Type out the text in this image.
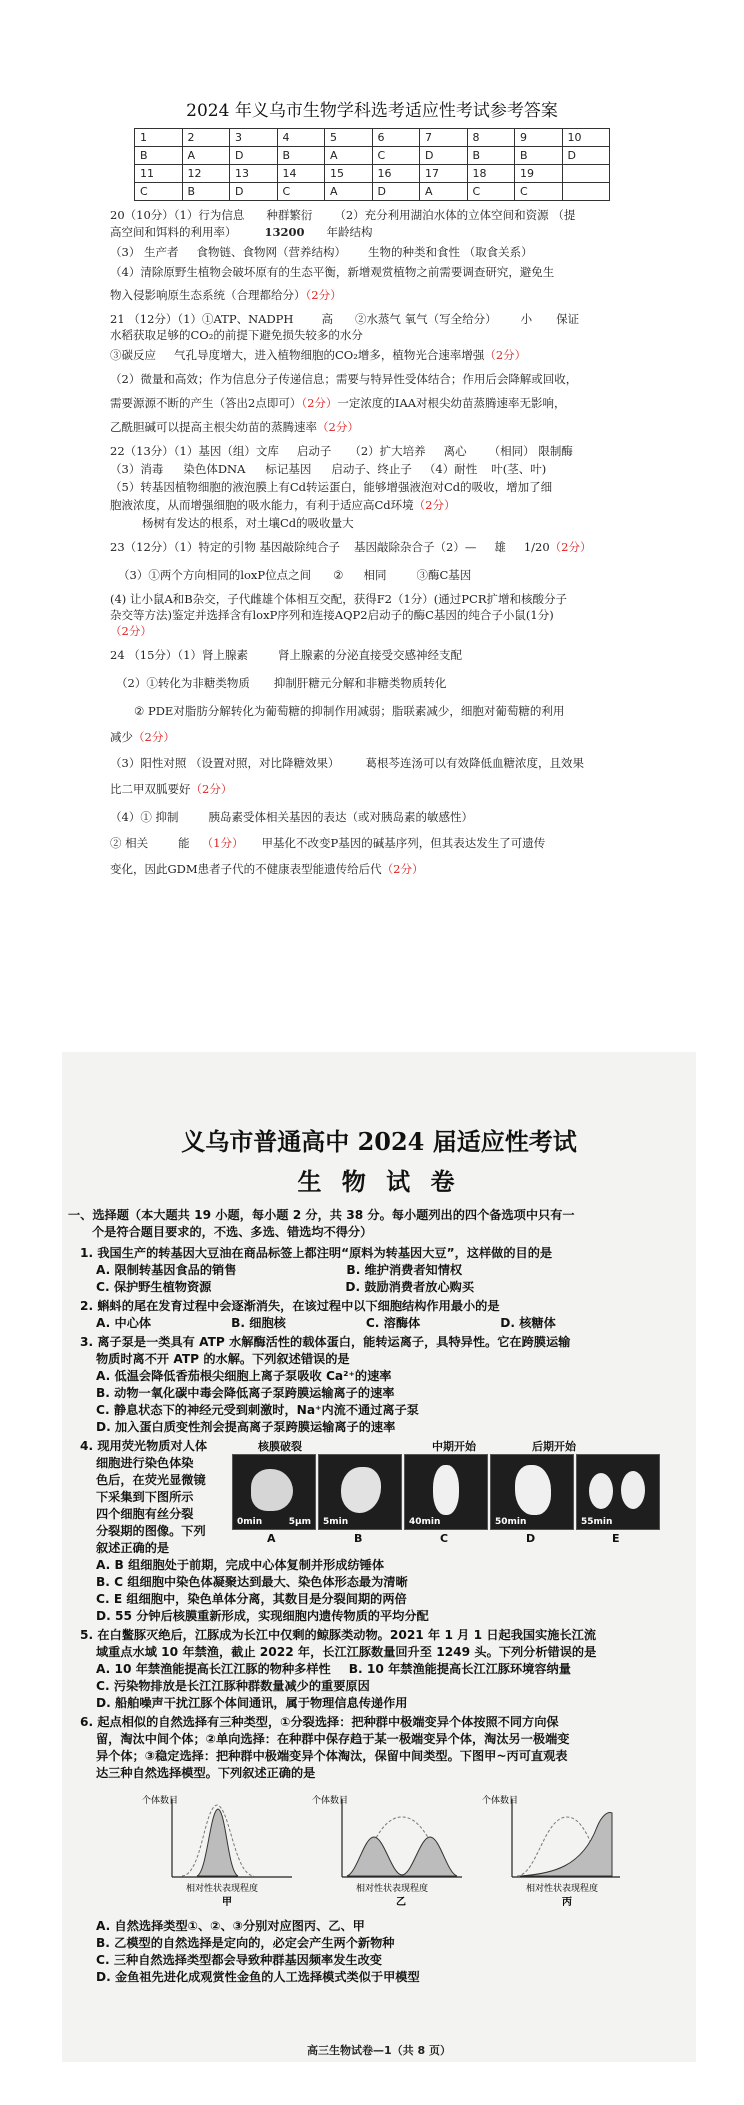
2024 年义乌市生物学科选考适应性考试参考答案
1	2	3	4	5	6	7	8	9	10
B	A	D	B	A	C	D	B	B	D
11	12	13	14	15	16	17	18	19	
C	B	D	C	A	D	A	C	C	
20（10分）（1）行为信息 种群繁衍 （2）充分利用湖泊水体的立体空间和资源 （提
高空间和饵料的利用率） 13200 年龄结构
（3） 生产者 食物链、食物网（营养结构） 生物的种类和食性 （取食关系）
（4）清除原野生植物会破坏原有的生态平衡，新增观赏植物之前需要调查研究，避免生
物入侵影响原生态系统（合理都给分）（2分）
21 （12分）（1）①ATP、NADPH 高 ②水蒸气 氧气（写全给分） 小 保证
水稻获取足够的CO₂的前提下避免损失较多的水分
③碳反应 气孔导度增大，进入植物细胞的CO₂增多，植物光合速率增强（2分）
（2）微量和高效；作为信息分子传递信息；需要与特异性受体结合；作用后会降解或回收，
需要源源不断的产生（答出2点即可）（2分）一定浓度的IAA对根尖幼苗蒸腾速率无影响，
乙酰胆碱可以提高主根尖幼苗的蒸腾速率（2分）
22（13分）（1）基因（组）文库 启动子 （2）扩大培养 离心 （相同） 限制酶
（3）消毒 染色体DNA 标记基因 启动子、终止子 （4）耐性 叶(茎、叶)
（5）转基因植物细胞的液泡膜上有Cd转运蛋白，能够增强液泡对Cd的吸收，增加了细
胞液浓度，从而增强细胞的吸水能力，有利于适应高Cd环境（2分）
杨树有发达的根系，对土壤Cd的吸收量大
23（12分）（1）特定的引物 基因敲除纯合子 基因敲除杂合子（2）— 雄 1/20（2分）
（3）①两个方向相同的loxP位点之间 ② 相同	③酶C基因
(4) 让小鼠A和B杂交，子代雌雄个体相互交配，获得F2（1分）(通过PCR扩增和核酸分子
杂交等方法)鉴定并选择含有loxP序列和连接AQP2启动子的酶C基因的纯合子小鼠(1分)
（2分）
24 （15分）（1）肾上腺素	肾上腺素的分泌直接受交感神经支配
（2）①转化为非糖类物质 抑制肝糖元分解和非糖类物质转化
② PDE对脂肪分解转化为葡萄糖的抑制作用减弱；脂联素减少，细胞对葡萄糖的利用
减少（2分）
（3）阳性对照 （设置对照，对比降糖效果） 葛根芩连汤可以有效降低血糖浓度，且效果
比二甲双胍要好（2分）
（4）① 抑制	胰岛素受体相关基因的表达（或对胰岛素的敏感性）
② 相关	能 （1分） 甲基化不改变P基因的碱基序列，但其表达发生了可遗传
变化，因此GDM患者子代的不健康表型能遗传给后代（2分）
义乌市普通高中 2024 届适应性考试
生 物 试 卷
一、选择题（本大题共 19 小题，每小题 2 分，共 38 分。每小题列出的四个备选项中只有一
个是符合题目要求的，不选、多选、错选均不得分）
1. 我国生产的转基因大豆油在商品标签上都注明“原料为转基因大豆”，这样做的目的是
A. 限制转基因食品的销售	B. 维护消费者知情权
C. 保护野生植物资源	D. 鼓励消费者放心购买
2. 蝌蚪的尾在发育过程中会逐渐消失，在该过程中以下细胞结构作用最小的是
A. 中心体	B. 细胞核	C. 溶酶体	D. 核糖体
3. 离子泵是一类具有 ATP 水解酶活性的载体蛋白，能转运离子，具特异性。它在跨膜运输
物质时离不开 ATP 的水解。下列叙述错误的是
A. 低温会降低香茄根尖细胞上离子泵吸收 Ca²⁺的速率
B. 动物一氧化碳中毒会降低离子泵跨膜运输离子的速率
C. 静息状态下的神经元受到刺激时，Na⁺内流不通过离子泵
D. 加入蛋白质变性剂会提高离子泵跨膜运输离子的速率
4. 现用荧光物质对人体
细胞进行染色体染
色后，在荧光显微镜
下采集到下图所示
四个细胞有丝分裂
分裂期的图像。下列
叙述正确的是
核膜破裂	中期开始	后期开始
0min	5μm 5min	40min	50min	55min
A	B	C	D	E
A. B 组细胞处于前期，完成中心体复制并形成纺锤体
B. C 组细胞中染色体凝聚达到最大、染色体形态最为清晰
C. E 组细胞中，染色单体分离，其数目是分裂间期的两倍
D. 55 分钟后核膜重新形成，实现细胞内遗传物质的平均分配
5. 在白鳖豚灭绝后，江豚成为长江中仅剩的鲸豚类动物。2021 年 1 月 1 日起我国实施长江流
域重点水域 10 年禁渔，截止 2022 年，长江江豚数量回升至 1249 头。下列分析错误的是
A. 10 年禁渔能提高长江江豚的物种多样性 B. 10 年禁渔能提高长江江豚环境容纳量
C. 污染物排放是长江江豚种群数量减少的重要原因
D. 船舶噪声干扰江豚个体间通讯，属于物理信息传递作用
6. 起点相似的自然选择有三种类型，①分裂选择：把种群中极端变异个体按照不同方向保
留，淘汰中间个体；②单向选择：在种群中保存趋于某一极端变异个体，淘汰另一极端变
异个体；③稳定选择：把种群中极端变异个体淘汰，保留中间类型。下图甲~丙可直观表
达三种自然选择模型。下列叙述正确的是
个体数目
相对性状表现程度
甲
个体数目
相对性状表现程度
乙
个体数目
相对性状表现程度
丙
A. 自然选择类型①、②、③分别对应图丙、乙、甲
B. 乙模型的自然选择是定向的，必定会产生两个新物种
C. 三种自然选择类型都会导致种群基因频率发生改变
D. 金鱼祖先进化成观赏性金鱼的人工选择模式类似于甲模型
高三生物试卷—1（共 8 页）
